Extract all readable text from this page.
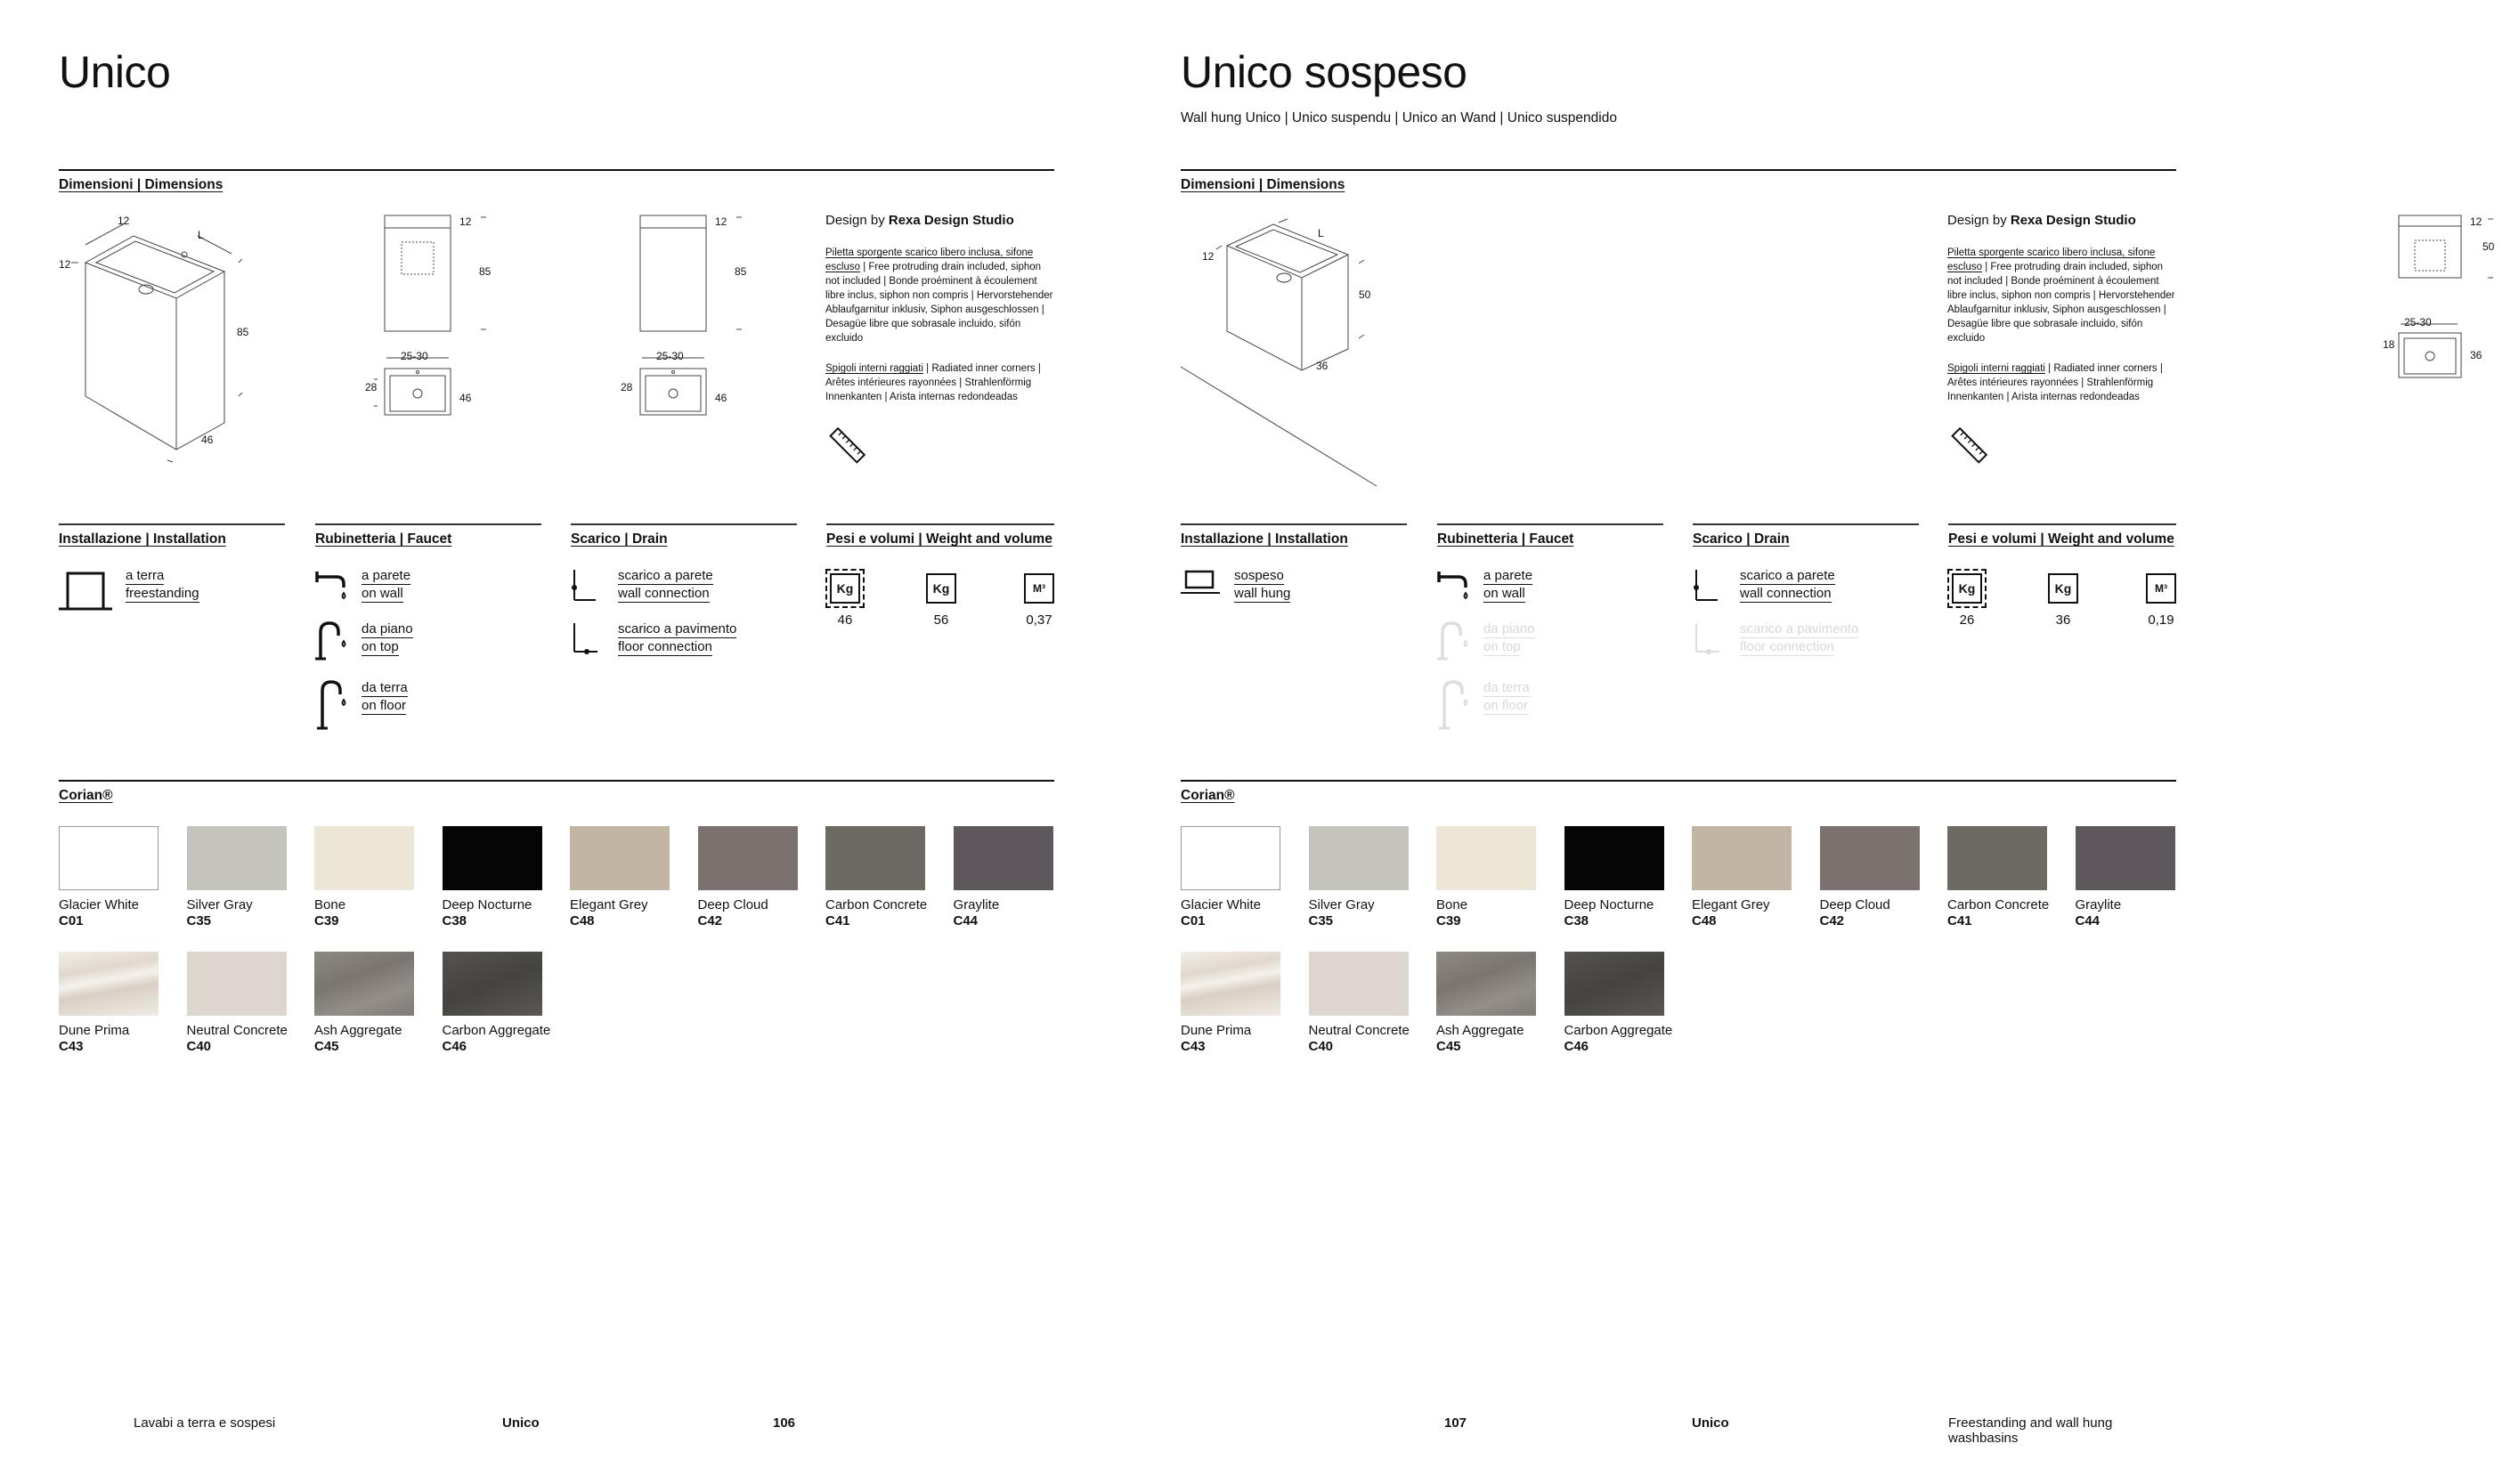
Unico
Dimensioni | Dimensions
12
L
12
85
46
12
85
25-30
28
46
12
85
25-30
28
46
Design by Rexa Design Studio
Piletta sporgente scarico libero inclusa, sifone escluso | Free protruding drain included, siphon not included | Bonde proéminent à écoulement libre inclus, siphon non compris | Hervorstehender Ablaufgarnitur inklusiv, Siphon ausgeschlossen | Desagüe libre que sobrasale incluido, sifón excluido
Spigoli interni raggiati | Radiated inner corners | Arêtes intérieures rayonnées | Strahlenförmig Innenkanten | Arista internas redondeadas
Installazione | Installation	Rubinetteria | Faucet	Scarico | Drain	Pesi e volumi | Weight and volume
a terra
freestanding
a parete
on wall
da piano
on top
da terra
on floor
scarico a parete
wall connection
scarico a pavimento
floor connection
Kg	Kg	M³
46	56	0,37
Corian®
Lavabi a terra e sospesi	Unico	106
Glacier White
C01
Silver Gray
C35
Bone
C39
Deep Nocturne
C38
Elegant Grey
C48
Deep Cloud
C42
Carbon Concrete
C41
Graylite
C44
Dune Prima
C43
Neutral Concrete
C40
Ash Aggregate
C45
Carbon Aggregate
C46
Unico sospeso
Wall hung Unico | Unico suspendu | Unico an Wand | Unico suspendido
Dimensioni | Dimensions
L
12
50
36
12
50
25-30
18
36
Design by Rexa Design Studio
Piletta sporgente scarico libero inclusa, sifone escluso | Free protruding drain included, siphon not included | Bonde proéminent à écoulement libre inclus, siphon non compris | Hervorstehender Ablaufgarnitur inklusiv, Siphon ausgeschlossen | Desagüe libre que sobrasale incluido, sifón excluido
Spigoli interni raggiati | Radiated inner corners | Arêtes intérieures rayonnées | Strahlenförmig Innenkanten | Arista internas redondeadas
Installazione | Installation	Rubinetteria | Faucet	Scarico | Drain	Pesi e volumi | Weight and volume
sospeso
wall hung
a parete
on wall
da piano
on top
da terra
on floor
scarico a pavimento
floor connection
scarico a parete
wall connection	Kg	Kg	M³
26	36	0,19
Corian®
107	Unico	Freestanding and wall hung washbasins
Glacier White
C01
Silver Gray
C35
Bone
C39
Deep Nocturne
C38
Elegant Grey
C48
Deep Cloud
C42
Carbon Concrete
C41
Graylite
C44
Dune Prima
C43
Neutral Concrete
C40
Ash Aggregate
C45
Carbon Aggregate
C46
